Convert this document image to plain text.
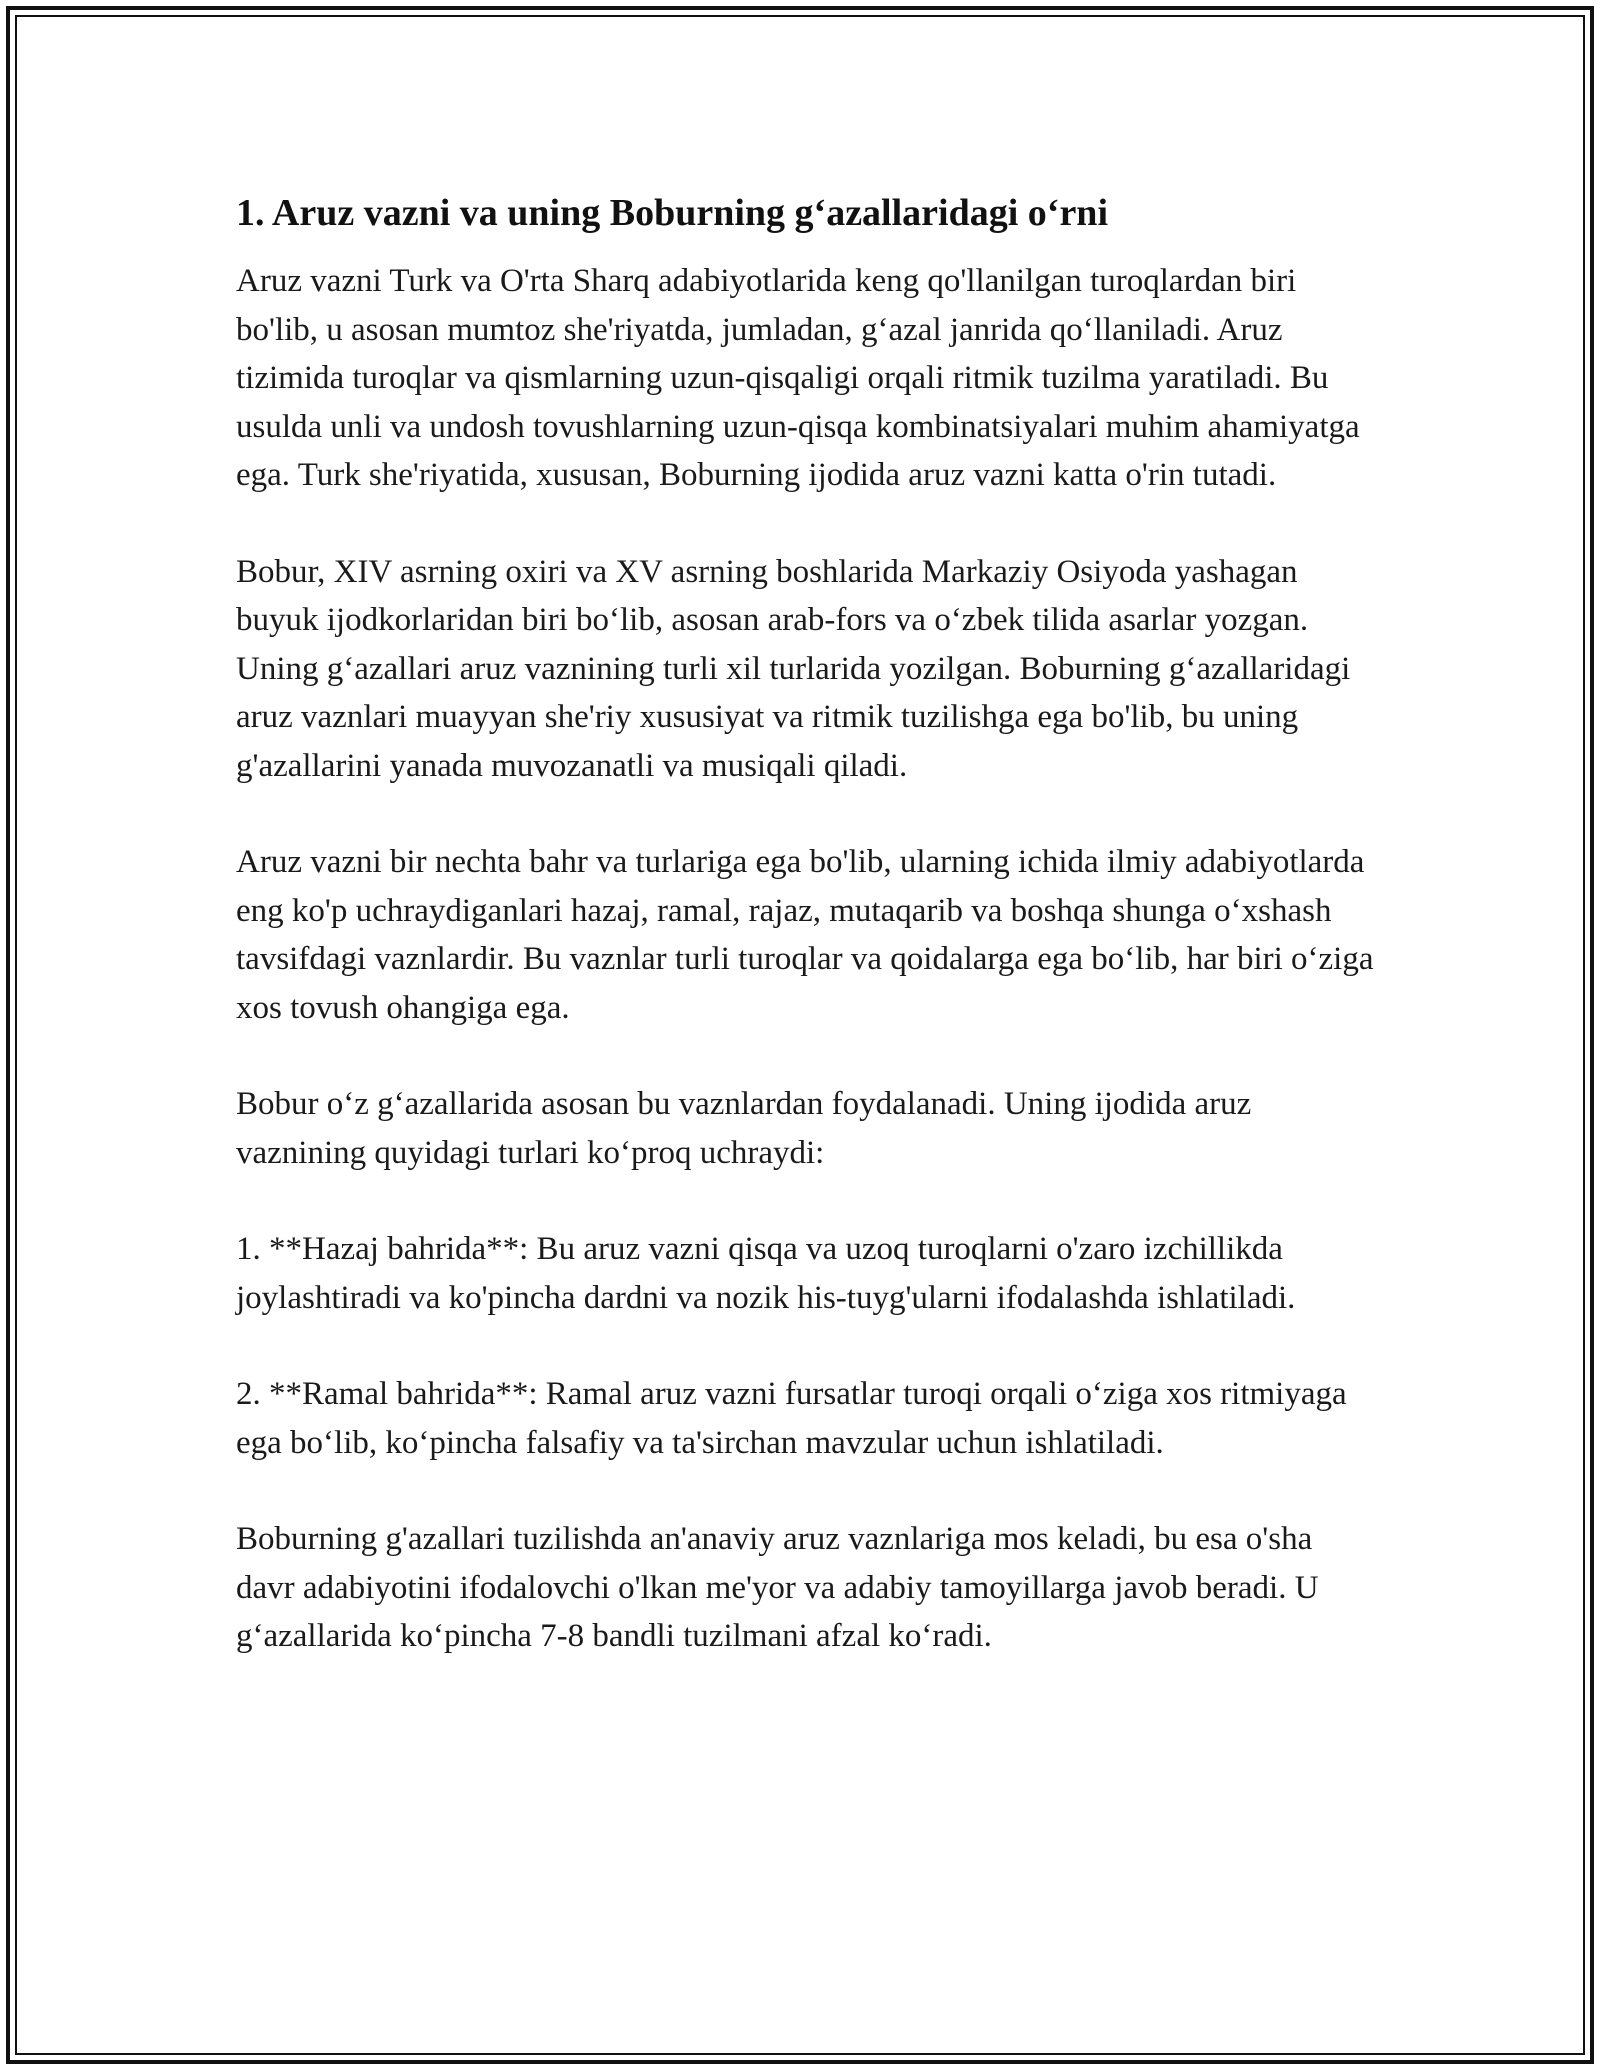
1. Aruz vazni va uning Boburning g‘azallaridagi o‘rni

Aruz vazni Turk va O'rta Sharq adabiyotlarida keng qo'llanilgan turoqlardan biri bo'lib, u asosan mumtoz she'riyatda, jumladan, g‘azal janrida qo‘llaniladi. Aruz tizimida turoqlar va qismlarning uzun-qisqaligi orqali ritmik tuzilma yaratiladi. Bu usulda unli va undosh tovushlarning uzun-qisqa kombinatsiyalari muhim ahamiyatga ega. Turk she'riyatida, xususan, Boburning ijodida aruz vazni katta o'rin tutadi.

Bobur, XIV asrning oxiri va XV asrning boshlarida Markaziy Osiyoda yashagan buyuk ijodkorlaridan biri bo‘lib, asosan arab-fors va o‘zbek tilida asarlar yozgan. Uning g‘azallari aruz vaznining turli xil turlarida yozilgan. Boburning g‘azallaridagi aruz vaznlari muayyan she'riy xususiyat va ritmik tuzilishga ega bo'lib, bu uning g'azallarini yanada muvozanatli va musiqali qiladi.

Aruz vazni bir nechta bahr va turlariga ega bo'lib, ularning ichida ilmiy adabiyotlarda eng ko'p uchraydiganlari hazaj, ramal, rajaz, mutaqarib va boshqa shunga o‘xshash tavsifdagi vaznlardir. Bu vaznlar turli turoqlar va qoidalarga ega bo‘lib, har biri o‘ziga xos tovush ohangiga ega.

Bobur o‘z g‘azallarida asosan bu vaznlardan foydalanadi. Uning ijodida aruz vaznining quyidagi turlari ko‘proq uchraydi:

1. **Hazaj bahrida**: Bu aruz vazni qisqa va uzoq turoqlarni o'zaro izchillikda joylashtiradi va ko'pincha dardni va nozik his-tuyg'ularni ifodalashda ishlatiladi.

2. **Ramal bahrida**: Ramal aruz vazni fursatlar turoqi orqali o‘ziga xos ritmiyaga ega bo‘lib, ko‘pincha falsafiy va ta'sirchan mavzular uchun ishlatiladi.

Boburning g'azallari tuzilishda an'anaviy aruz vaznlariga mos keladi, bu esa o'sha davr adabiyotini ifodalovchi o'lkan me'yor va adabiy tamoyillarga javob beradi. U g‘azallarida ko‘pincha 7-8 bandli tuzilmani afzal ko‘radi.
